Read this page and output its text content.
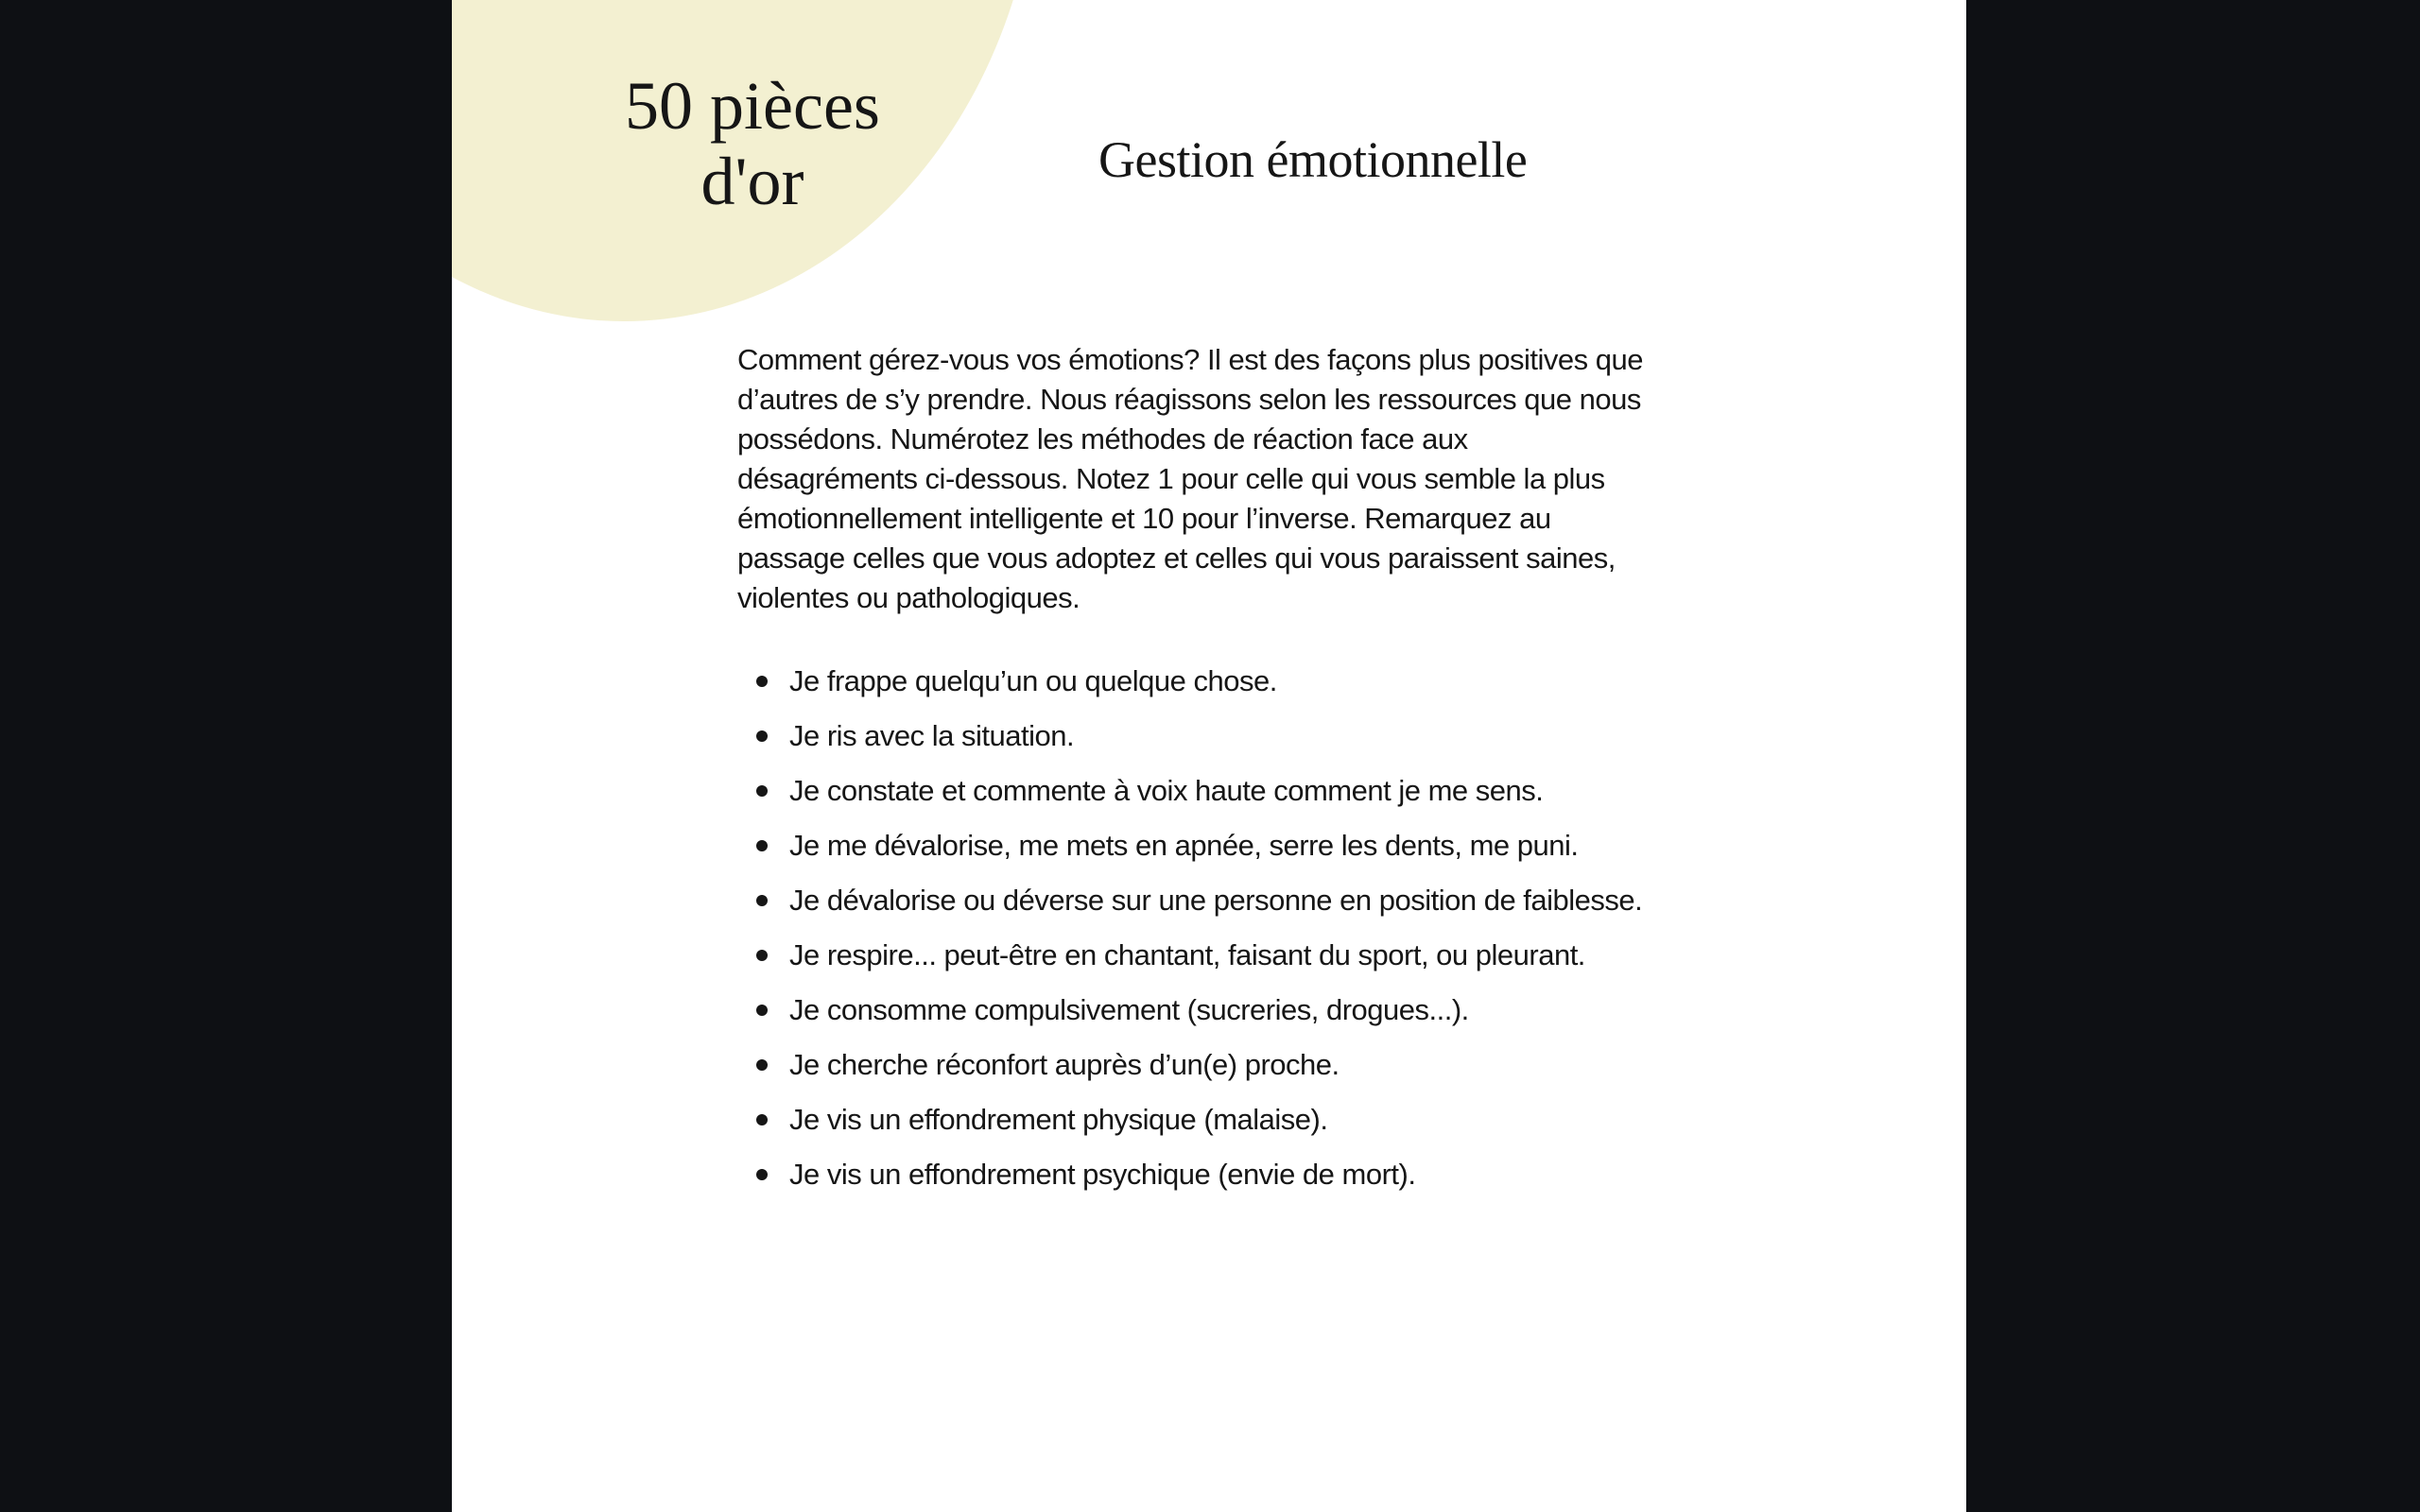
50 pièces
d'or	Gestion émotionnelle
Comment gérez-vous vos émotions? Il est des façons plus positives que
d’autres de s’y prendre. Nous réagissons selon les ressources que nous
possédons. Numérotez les méthodes de réaction face aux
désagréments ci-dessous. Notez 1 pour celle qui vous semble la plus
émotionnellement intelligente et 10 pour l’inverse. Remarquez au
passage celles que vous adoptez et celles qui vous paraissent saines,
violentes ou pathologiques.
Je frappe quelqu’un ou quelque chose.
Je ris avec la situation.
Je constate et commente à voix haute comment je me sens.
Je me dévalorise, me mets en apnée, serre les dents, me puni.
Je dévalorise ou déverse sur une personne en position de faiblesse.
Je respire... peut-être en chantant, faisant du sport, ou pleurant.
Je consomme compulsivement (sucreries, drogues...).
Je cherche réconfort auprès d’un(e) proche.
Je vis un effondrement physique (malaise).
Je vis un effondrement psychique (envie de mort).
